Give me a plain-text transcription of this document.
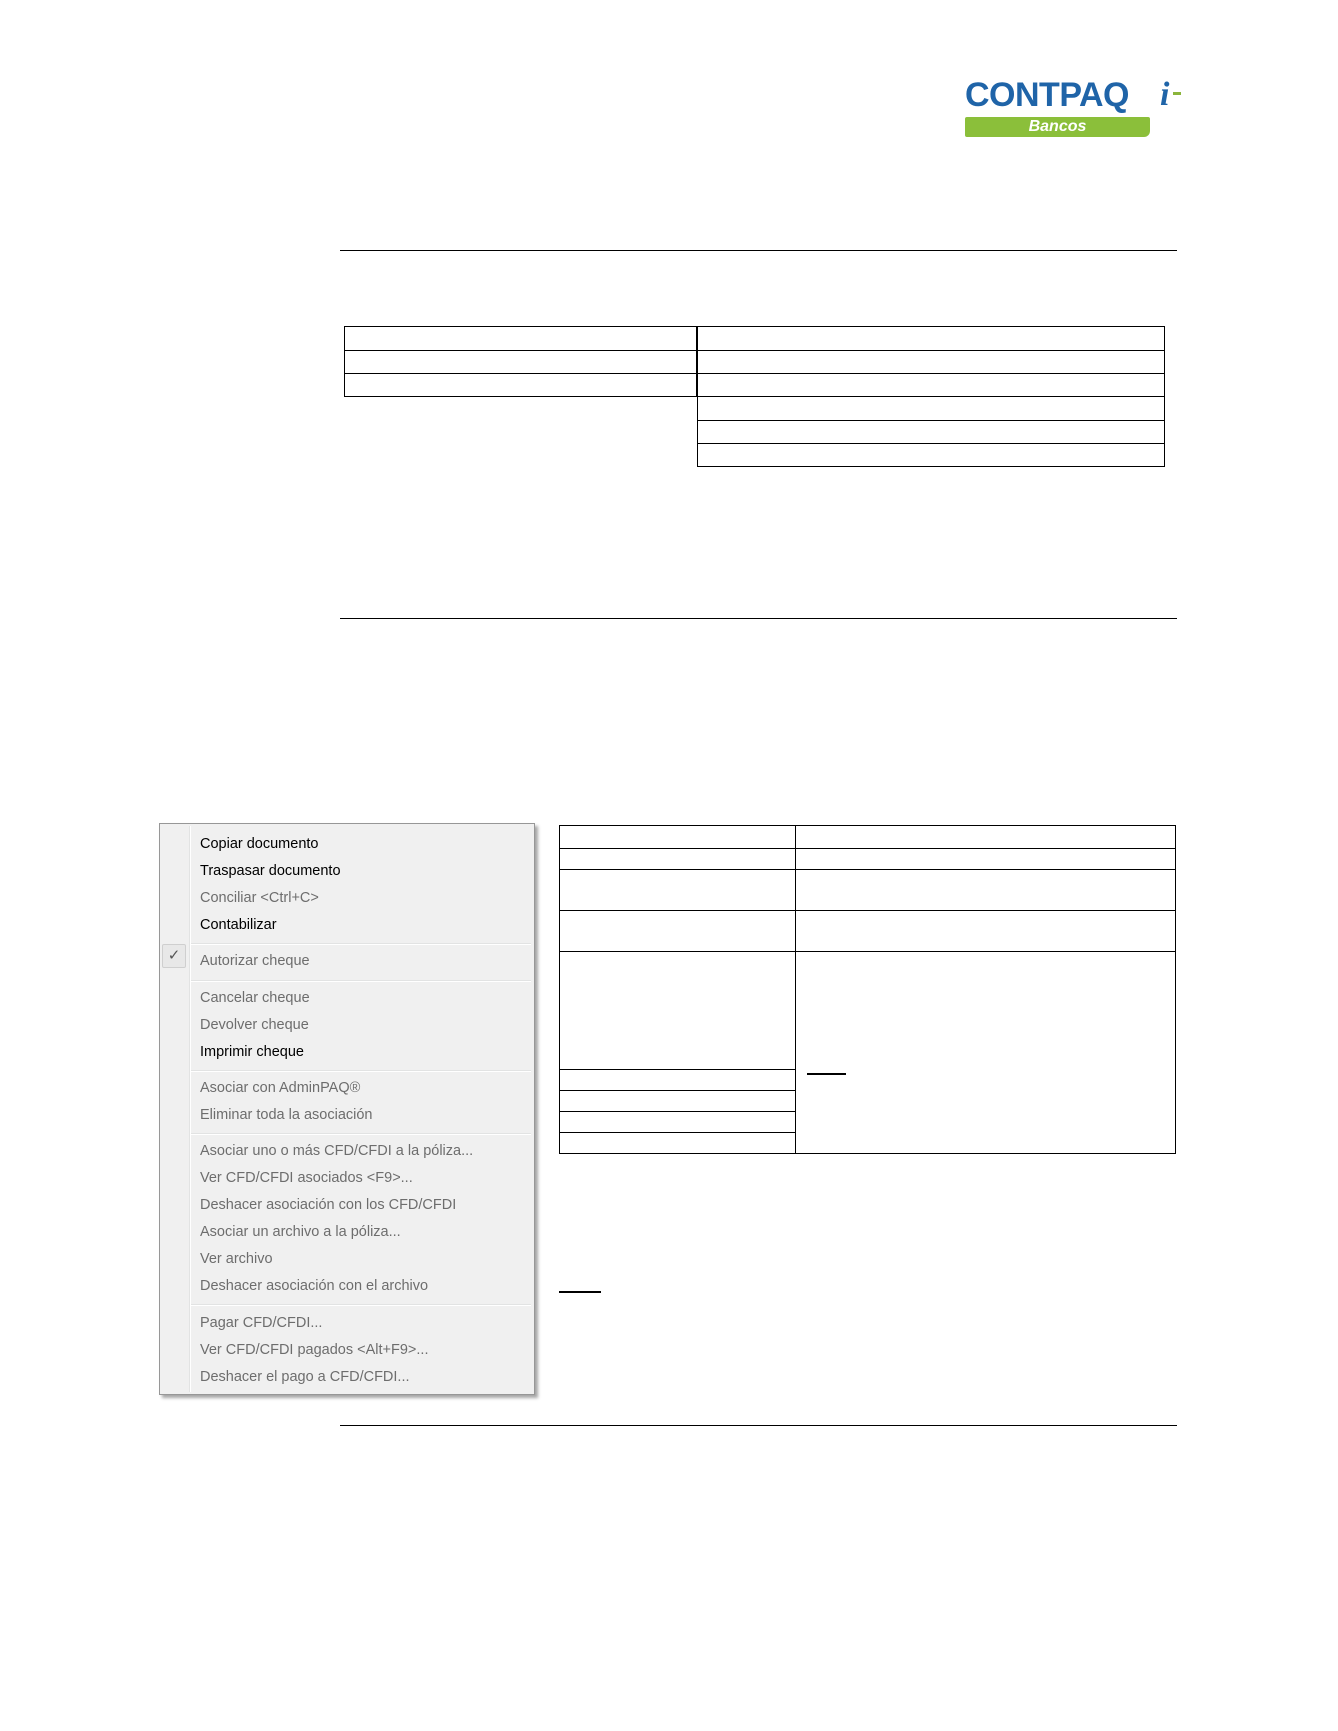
CONTPAQ i
Bancos

Copiar documento
Traspasar documento
Conciliar <Ctrl+C>
Contabilizar
✓	Autorizar cheque
Cancelar cheque
Devolver cheque
Imprimir cheque
Asociar con AdminPAQ®
Eliminar toda la asociación
Asociar uno o más CFD/CFDI a la póliza...
Ver CFD/CFDI asociados <F9>...
Deshacer asociación con los CFD/CFDI
Asociar un archivo a la póliza...
Ver archivo
Deshacer asociación con el archivo
Pagar CFD/CFDI...
Ver CFD/CFDI pagados <Alt+F9>...
Deshacer el pago a CFD/CFDI...
